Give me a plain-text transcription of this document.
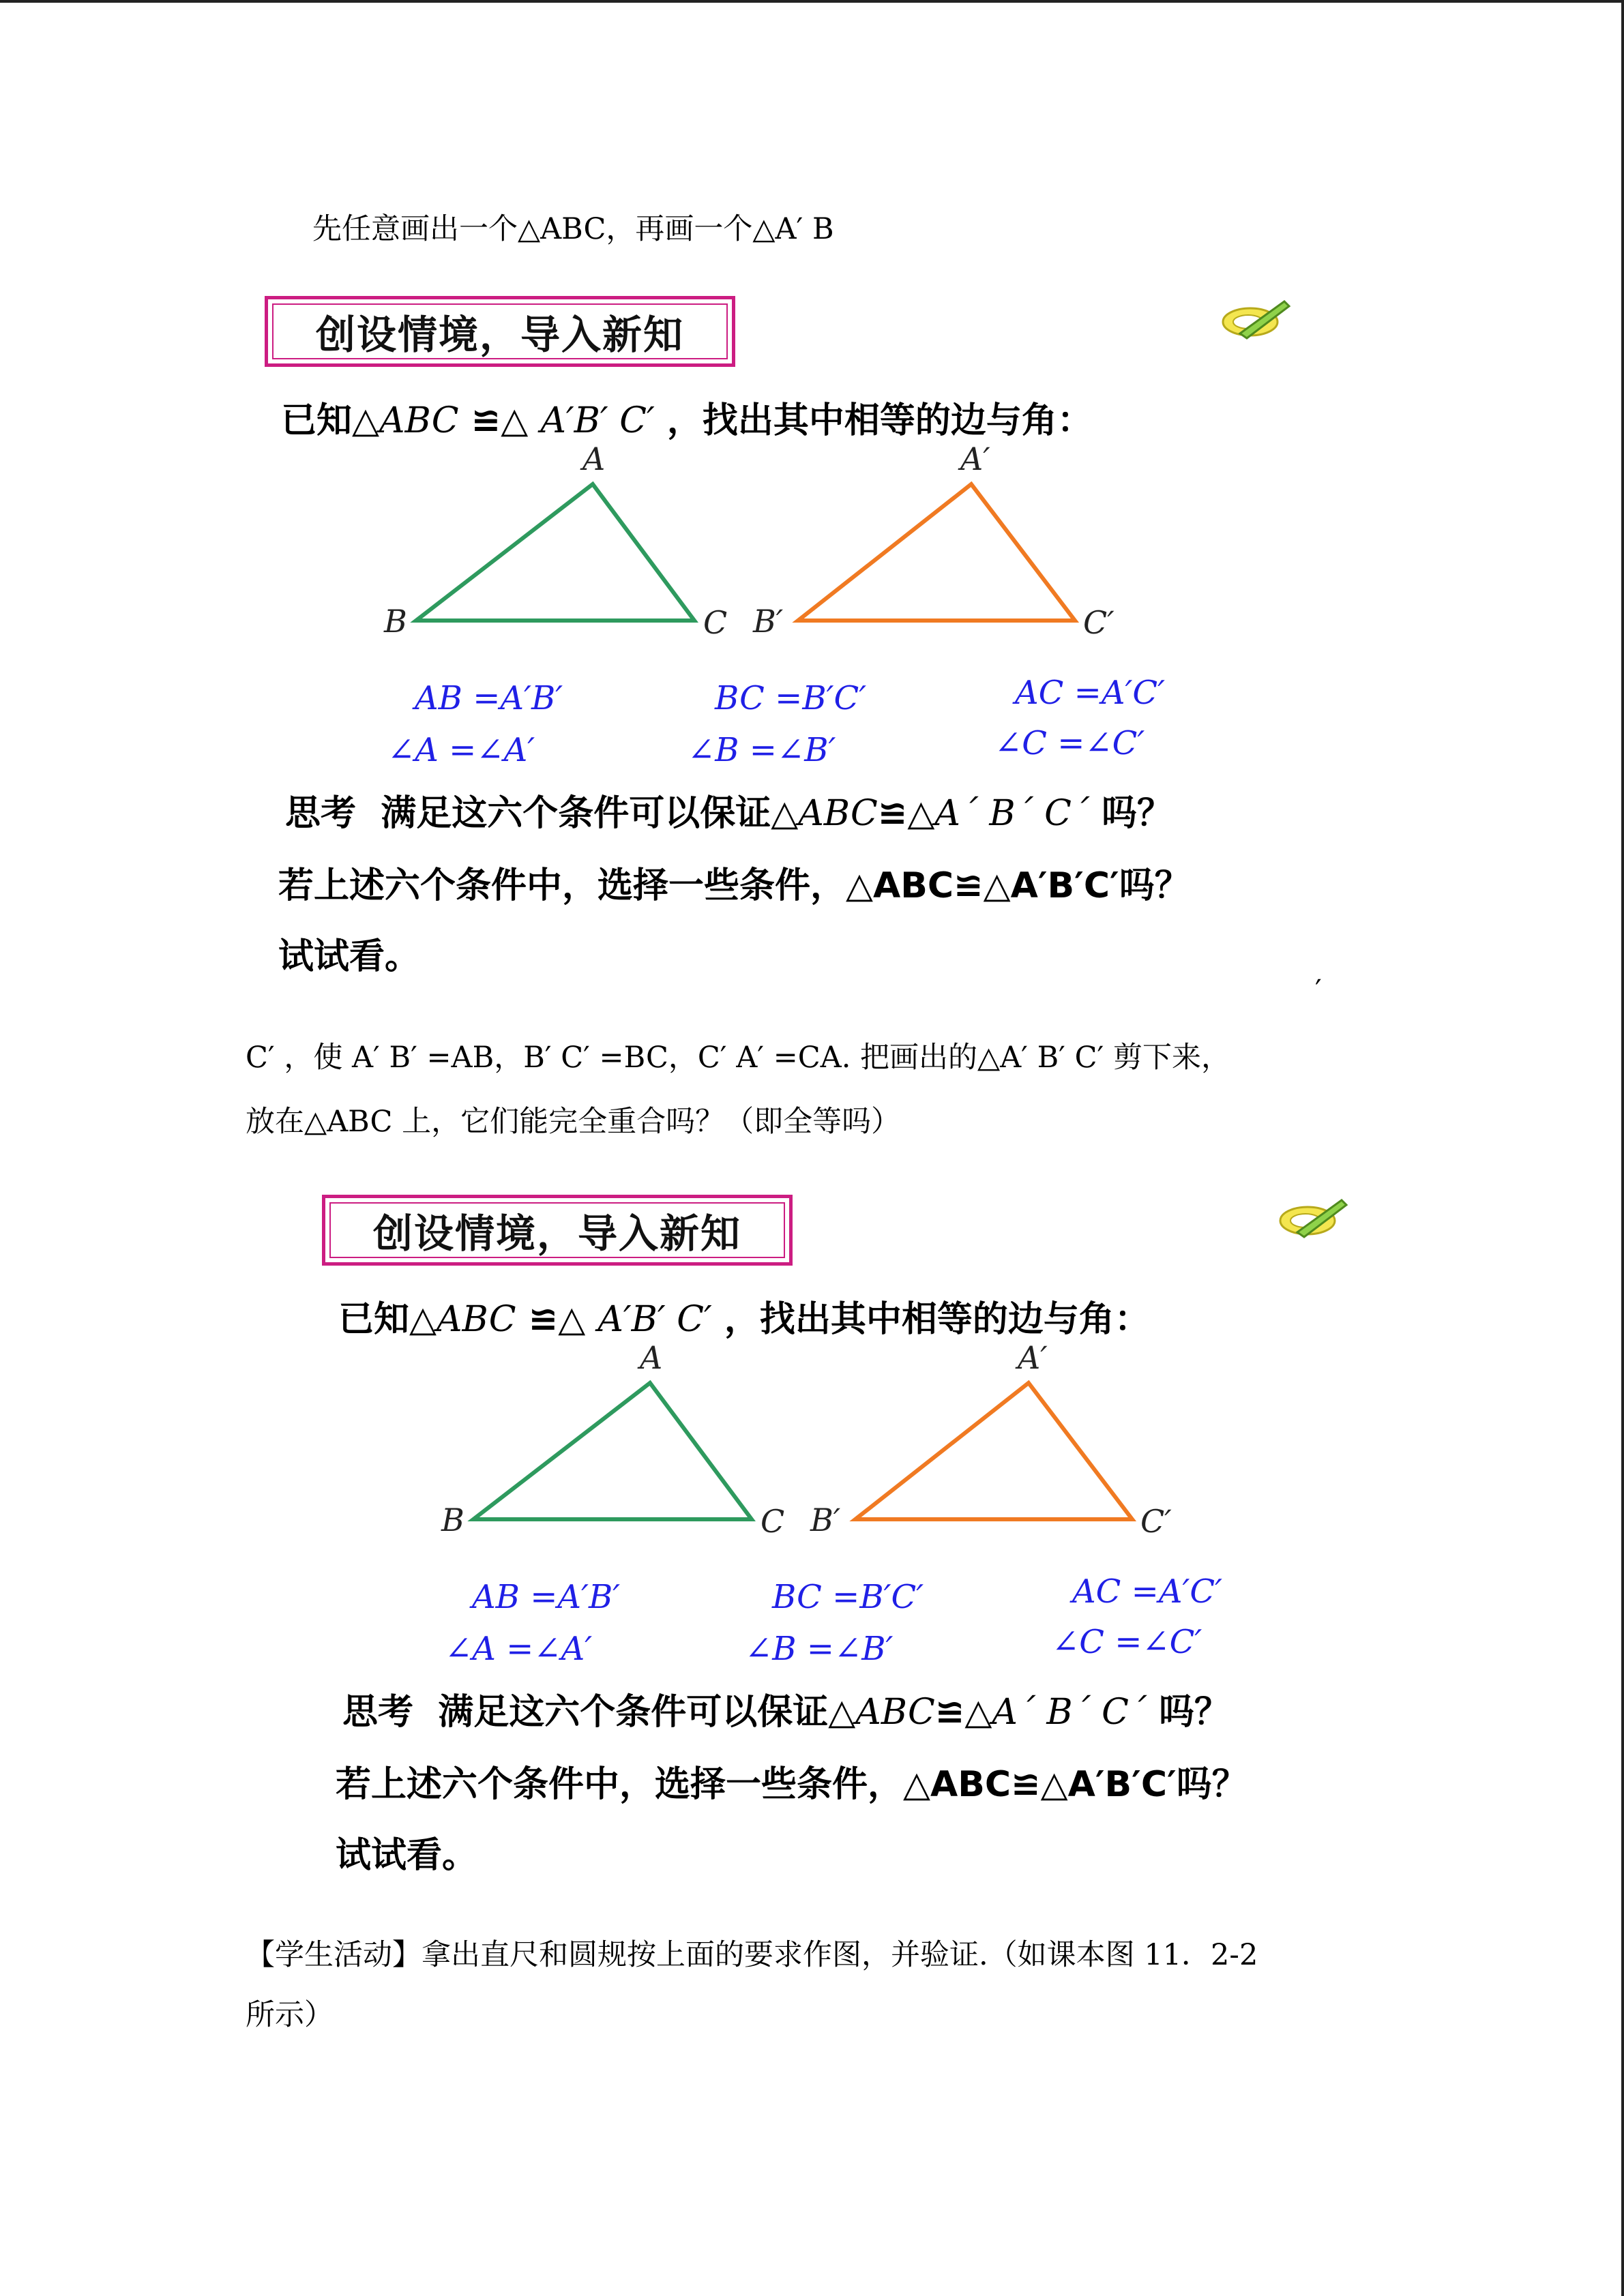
先任意画出一个△ABC，再画一个△A′ B
创设情境，导入新知
已知△ABC ≌△ A′B′ C′ ，找出其中相等的边与角：
A
B	C
A′
B′	C′
AB =A′B′	BC =B′C′	AC =A′C′
∠A =∠A′	∠B =∠B′	∠C =∠C′
思考 满足这六个条件可以保证△ABC≌△A´ B´ C´ 吗？
若上述六个条件中，选择一些条件，△ABC≌△A′B′C′吗？
试试看。
′
C′ ，使 A′ B′ =AB，B′ C′ =BC，C′ A′ =CA. 把画出的△A′ B′ C′ 剪下来，
放在△ABC 上，它们能完全重合吗？（即全等吗）
创设情境，导入新知
已知△ABC ≌△ A′B′ C′ ，找出其中相等的边与角：
A
B	C
A′
B′	C′
AB =A′B′	BC =B′C′	AC =A′C′
∠A =∠A′	∠B =∠B′	∠C =∠C′
思考 满足这六个条件可以保证△ABC≌△A´ B´ C´ 吗？
若上述六个条件中，选择一些条件，△ABC≌△A′B′C′吗？
试试看。
【学生活动】拿出直尺和圆规按上面的要求作图，并验证.（如课本图 11．2-2
所示）
